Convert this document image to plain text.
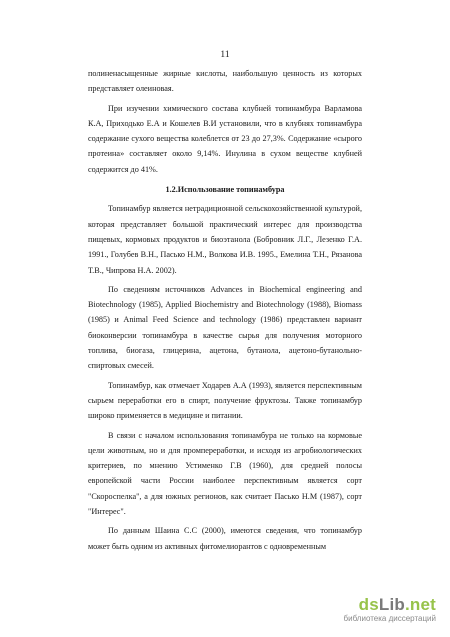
11

полиненасыщенные жирные кислоты, наибольшую ценность из которых представляет олеиновая.

При изучении химического состава клубней топинамбура Варламова К.А, Приходько Е.А и Кошелев В.И установили, что в клубнях топинамбура содержание сухого вещества колеблется от 23 до 27,3%. Содержание «сырого протеина» составляет около 9,14%. Инулина в сухом веществе клубней содержится до 41%.

1.2.Использование топинамбура

Топинамбур является нетрадиционной сельскохозяйственной культурой, которая представляет большой практический интерес для производства пищевых, кормовых продуктов и биоэтанола (Бобровник Л.Г., Лезенко Г.А. 1991., Голубев В.Н., Пасько Н.М., Волкова И.В. 1995., Емелина Т.Н., Рязанова Т.В., Чипрова Н.А. 2002).

По сведениям источников Advances in Biochemical engineering and Biotechnology (1985), Applied Biochemistry and Biotechnology (1988), Biomass (1985) и Animal Feed Science and technology (1986) представлен вариант биоконверсии топинамбура в качестве сырья для получения моторного топлива, биогаза, глицерина, ацетона, бутанола, ацетоно-бутанольно-спиртовых смесей.

Топинамбур, как отмечает Ходарев А.А (1993), является перспективным сырьем переработки его в спирт, получение фруктозы. Также топинамбур широко применяется в медицине и питании.

В связи с началом использования топинамбура не только на кормовые цели животным, но и для промпереработки, и исходя из агробиологических критериев, по мнению Устименко Г.В (1960), для средней полосы европейской части России наиболее перспективным является сорт "Скороспелка", а для южных регионов, как считает Пасько Н.М (1987), сорт "Интерес".

По данным Шаина С.С (2000), имеются сведения, что топинамбур может быть одним из активных фитомелиорантов с одновременным

dsLib.net
библиотека диссертаций
